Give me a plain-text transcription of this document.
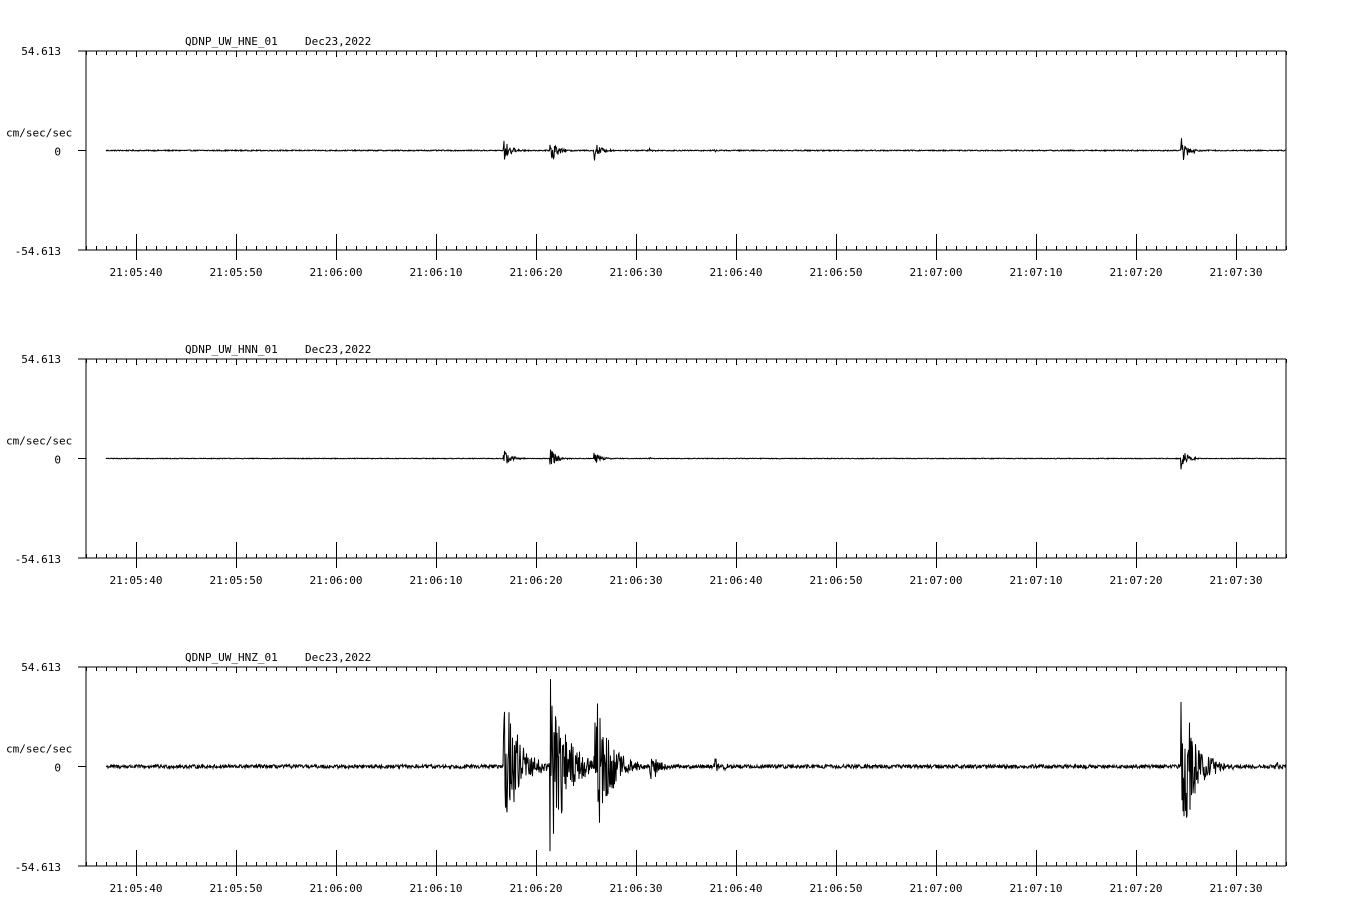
QDNP_UW_HNE_01 Dec23,2022
54.613
cm/sec/sec
0
-54.613
21:05:40	21:05:50	21:06:00	21:06:10	21:06:20	21:06:30	21:06:40	21:06:50	21:07:00	21:07:10	21:07:20	21:07:30
QDNP_UW_HNN_01 Dec23,2022
54.613
cm/sec/sec
0
-54.613
21:05:40	21:05:50	21:06:00	21:06:10	21:06:20	21:06:30	21:06:40	21:06:50	21:07:00	21:07:10	21:07:20	21:07:30
QDNP_UW_HNZ_01 Dec23,2022
54.613
cm/sec/sec
0
-54.613
21:05:40	21:05:50	21:06:00	21:06:10	21:06:20	21:06:30	21:06:40	21:06:50	21:07:00	21:07:10	21:07:20	21:07:30
